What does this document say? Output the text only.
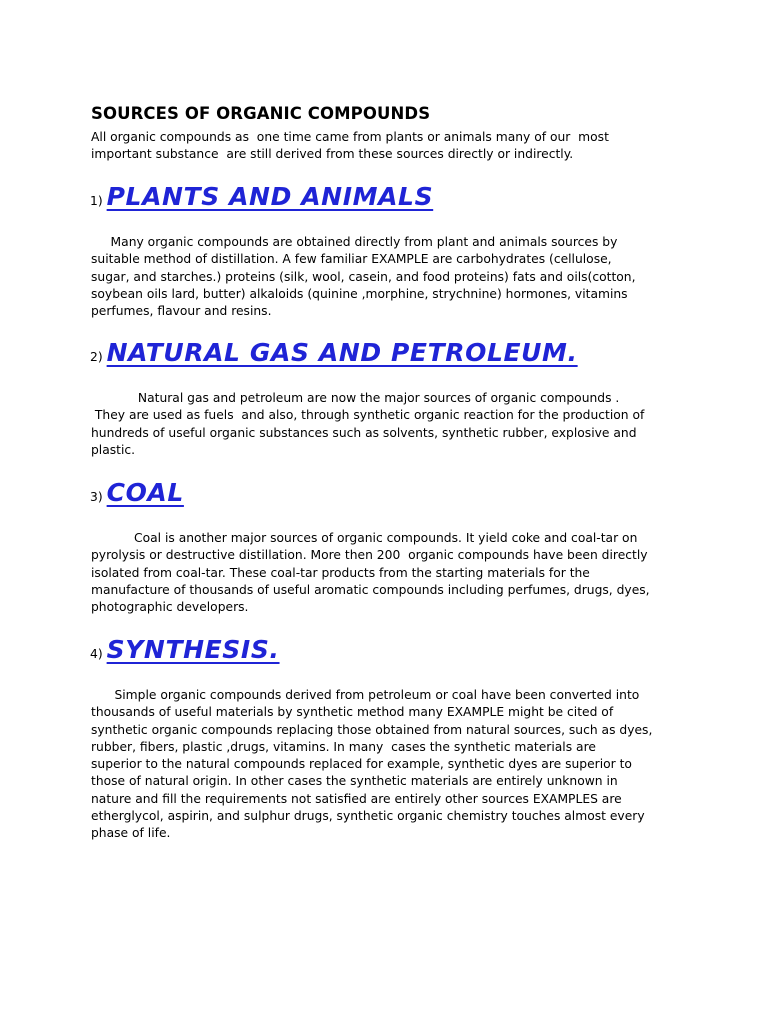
SOURCES OF ORGANIC COMPOUNDS
All organic compounds as  one time came from plants or animals many of our  most
important substance  are still derived from these sources directly or indirectly.
1) PLANTS AND ANIMALS
Many organic compounds are obtained directly from plant and animals sources by
suitable method of distillation. A few familiar EXAMPLE are carbohydrates (cellulose,
sugar, and starches.) proteins (silk, wool, casein, and food proteins) fats and oils(cotton,
soybean oils lard, butter) alkaloids (quinine ,morphine, strychnine) hormones, vitamins
perfumes, flavour and resins.
2) NATURAL GAS AND PETROLEUM.
Natural gas and petroleum are now the major sources of organic compounds .
They are used as fuels  and also, through synthetic organic reaction for the production of
hundreds of useful organic substances such as solvents, synthetic rubber, explosive and
plastic.
3) COAL
Coal is another major sources of organic compounds. It yield coke and coal-tar on
pyrolysis or destructive distillation. More then 200  organic compounds have been directly
isolated from coal-tar. These coal-tar products from the starting materials for the
manufacture of thousands of useful aromatic compounds including perfumes, drugs, dyes,
photographic developers.
4) SYNTHESIS.
Simple organic compounds derived from petroleum or coal have been converted into
thousands of useful materials by synthetic method many EXAMPLE might be cited of
synthetic organic compounds replacing those obtained from natural sources, such as dyes,
rubber, fibers, plastic ,drugs, vitamins. In many  cases the synthetic materials are
superior to the natural compounds replaced for example, synthetic dyes are superior to
those of natural origin. In other cases the synthetic materials are entirely unknown in
nature and fill the requirements not satisfied are entirely other sources EXAMPLES are
etherglycol, aspirin, and sulphur drugs, synthetic organic chemistry touches almost every
phase of life.
